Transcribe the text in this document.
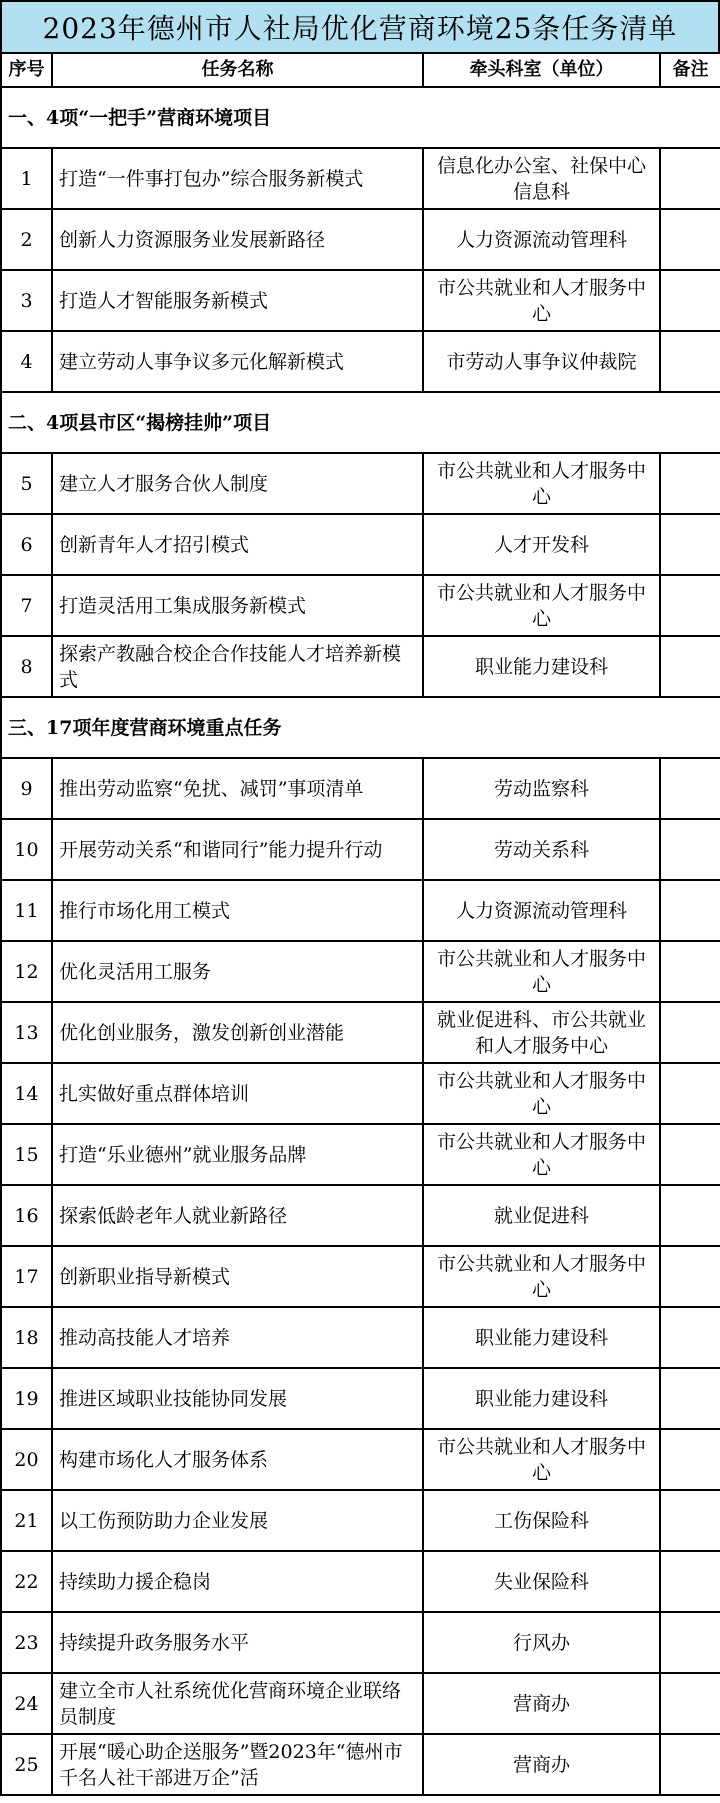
2023年德州市人社局优化营商环境25条任务清单
序号	任务名称	牵头科室（单位）	备注
一、4项“一把手”营商环境项目			
1	打造“一件事打包办”综合服务新模式	信息化办公室、社保中心信息科	
2	创新人力资源服务业发展新路径	人力资源流动管理科	
3	打造人才智能服务新模式	市公共就业和人才服务中心	
4	建立劳动人事争议多元化解新模式	市劳动人事争议仲裁院	
二、4项县市区“揭榜挂帅”项目			
5	建立人才服务合伙人制度	市公共就业和人才服务中心	
6	创新青年人才招引模式	人才开发科	
7	打造灵活用工集成服务新模式	市公共就业和人才服务中心	
8	探索产教融合校企合作技能人才培养新模式	职业能力建设科	
三、17项年度营商环境重点任务			
9	推出劳动监察“免扰、减罚”事项清单	劳动监察科	
10	开展劳动关系“和谐同行”能力提升行动	劳动关系科	
11	推行市场化用工模式	人力资源流动管理科	
12	优化灵活用工服务	市公共就业和人才服务中心	
13	优化创业服务，激发创新创业潜能	就业促进科、市公共就业和人才服务中心	
14	扎实做好重点群体培训	市公共就业和人才服务中心	
15	打造“乐业德州”就业服务品牌	市公共就业和人才服务中心	
16	探索低龄老年人就业新路径	就业促进科	
17	创新职业指导新模式	市公共就业和人才服务中心	
18	推动高技能人才培养	职业能力建设科	
19	推进区域职业技能协同发展	职业能力建设科	
20	构建市场化人才服务体系	市公共就业和人才服务中心	
21	以工伤预防助力企业发展	工伤保险科	
22	持续助力援企稳岗	失业保险科	
23	持续提升政务服务水平	行风办	
24	建立全市人社系统优化营商环境企业联络员制度	营商办	
25	开展“暖心助企送服务”暨2023年“德州市千名人社干部进万企”活	营商办	
